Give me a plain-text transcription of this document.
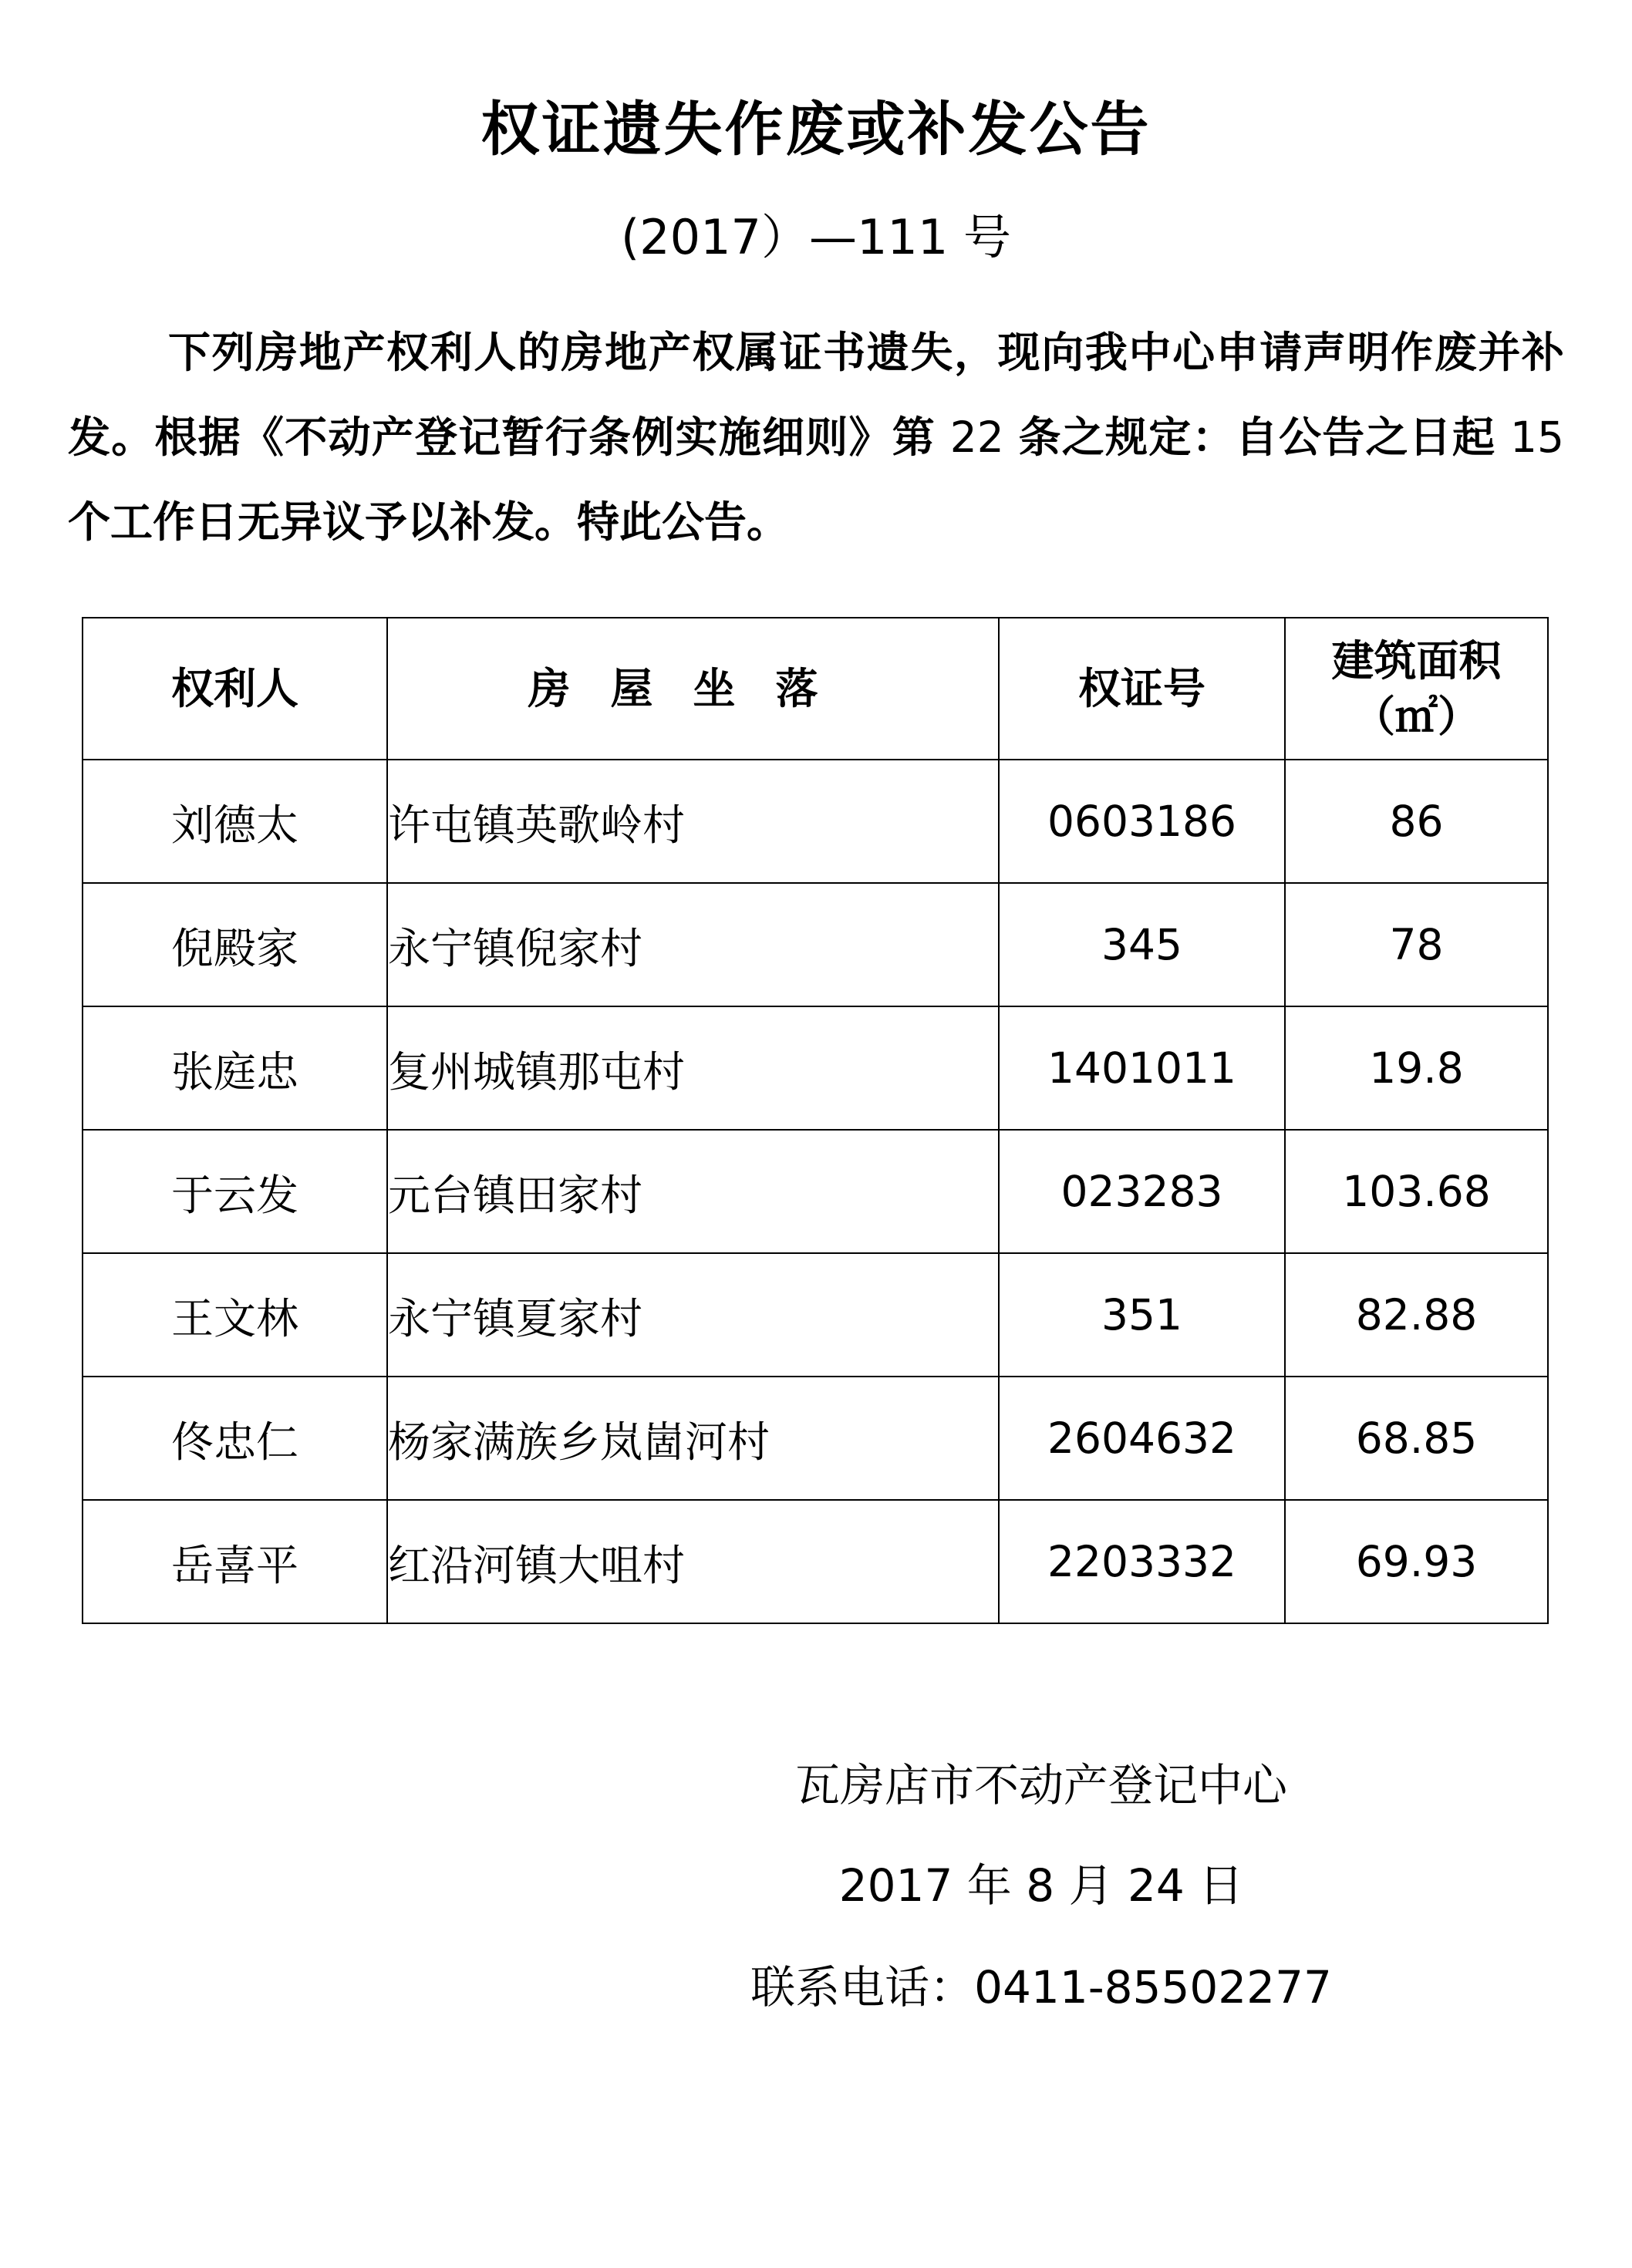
权证遗失作废或补发公告
(2017）—111 号
下列房地产权利人的房地产权属证书遗失，现向我中心申请声明作废并补发。根据《不动产登记暂行条例实施细则》第 22 条之规定：自公告之日起 15 个工作日无异议予以补发。特此公告。
权利人	房屋坐落	权证号	建筑面积
（㎡）

刘德太	许屯镇英歌岭村	0603186	86
倪殿家	永宁镇倪家村	345	78
张庭忠	复州城镇那屯村	1401011	19.8
于云发	元台镇田家村	023283	103.68
王文林	永宁镇夏家村	351	82.88
佟忠仁	杨家满族乡岚崮河村	2604632	68.85
岳喜平	红沿河镇大咀村	2203332	69.93
瓦房店市不动产登记中心
2017 年 8 月 24 日
联系电话：0411-85502277
